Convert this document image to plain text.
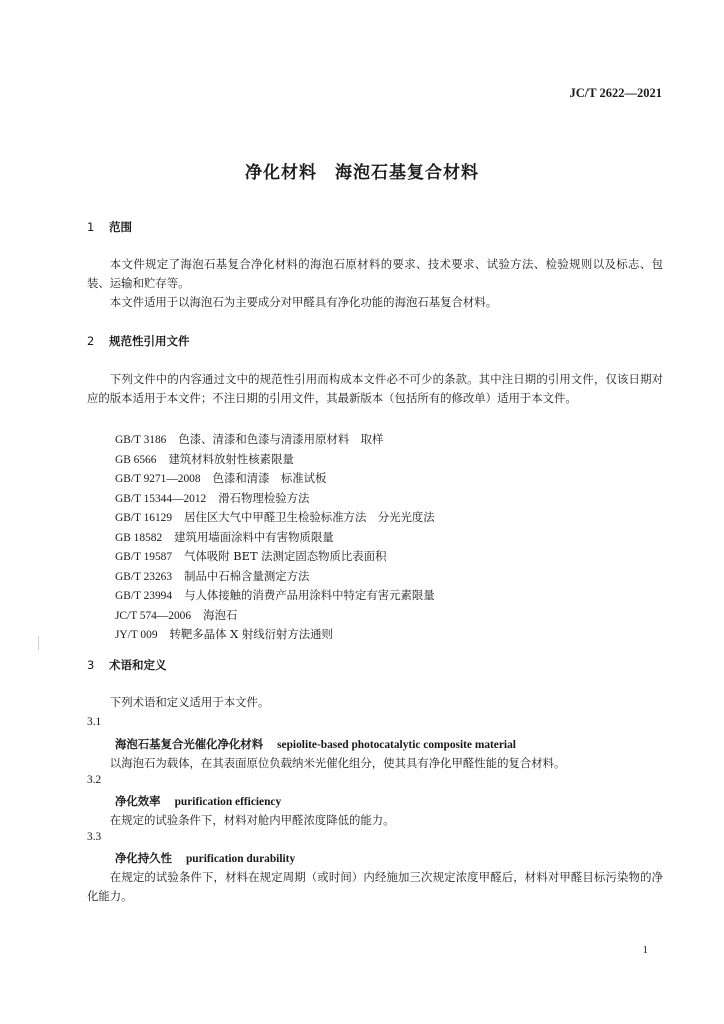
JC/T 2622—2021
净化材料　海泡石基复合材料
1 范围

本文件规定了海泡石基复合净化材料的海泡石原材料的要求、技术要求、试验方法、检验规则以及标志、包装、运输和贮存等。

本文件适用于以海泡石为主要成分对甲醛具有净化功能的海泡石基复合材料。

2 规范性引用文件

下列文件中的内容通过文中的规范性引用而构成本文件必不可少的条款。其中注日期的引用文件，仅该日期对应的版本适用于本文件；不注日期的引用文件，其最新版本（包括所有的修改单）适用于本文件。

GB/T 3186 色漆、清漆和色漆与清漆用原材料　取样
GB 6566 建筑材料放射性核素限量
GB/T 9271—2008 色漆和清漆　标准试板
GB/T 15344—2012 滑石物理检验方法
GB/T 16129 居住区大气中甲醛卫生检验标准方法　分光光度法
GB 18582 建筑用墙面涂料中有害物质限量
GB/T 19587 气体吸附 BET 法测定固态物质比表面积
GB/T 23263 制品中石棉含量测定方法
GB/T 23994 与人体接触的消费产品用涂料中特定有害元素限量
JC/T 574—2006 海泡石
JY/T 009 转靶多晶体 X 射线衍射方法通则
3 术语和定义

下列术语和定义适用于本文件。

3.1
海泡石基复合光催化净化材料 sepiolite-based photocatalytic composite material

以海泡石为载体，在其表面原位负载纳米光催化组分，使其具有净化甲醛性能的复合材料。

3.2
净化效率 purification efficiency

在规定的试验条件下，材料对舱内甲醛浓度降低的能力。

3.3
净化持久性 purification durability

在规定的试验条件下，材料在规定周期（或时间）内经施加三次规定浓度甲醛后，材料对甲醛目标污染物的净化能力。

1
